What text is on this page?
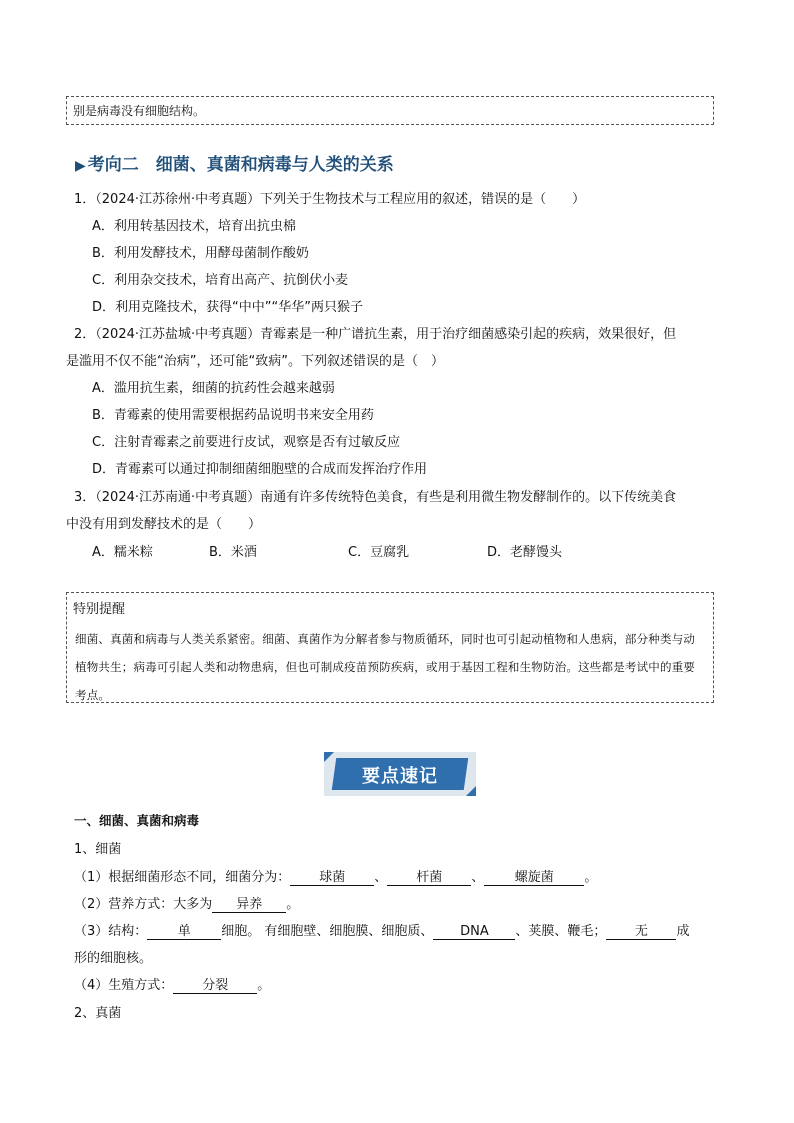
别是病毒没有细胞结构。
▶ 考向二　细菌、真菌和病毒与人类的关系
1．（2024·江苏徐州·中考真题）下列关于生物技术与工程应用的叙述，错误的是（　　）
A．利用转基因技术，培育出抗虫棉
B．利用发酵技术，用酵母菌制作酸奶
C．利用杂交技术，培育出高产、抗倒伏小麦
D．利用克隆技术，获得“中中”“华华”两只猴子
2．（2024·江苏盐城·中考真题）青霉素是一种广谱抗生素，用于治疗细菌感染引起的疾病，效果很好，但
是滥用不仅不能“治病”，还可能“致病”。下列叙述错误的是（　）
A．滥用抗生素，细菌的抗药性会越来越弱
B．青霉素的使用需要根据药品说明书来安全用药
C．注射青霉素之前要进行皮试，观察是否有过敏反应
D．青霉素可以通过抑制细菌细胞壁的合成而发挥治疗作用
3．（2024·江苏南通·中考真题）南通有许多传统特色美食，有些是利用微生物发酵制作的。以下传统美食
中没有用到发酵技术的是（　　）
A．糯米粽	B．米酒	C．豆腐乳	D．老酵馒头
特别提醒
细菌、真菌和病毒与人类关系紧密。细菌、真菌作为分解者参与物质循环，同时也可引起动植物和人患病，部分种类与动植物共生；病毒可引起人类和动物患病，但也可制成疫苗预防疾病，或用于基因工程和生物防治。这些都是考试中的重要考点。
要点速记
一、细菌、真菌和病毒
1、细菌
（1）根据细菌形态不同，细菌分为： 球菌 、 杆菌 、 螺旋菌 。
（2）营养方式：大多为 异养 。
（3）结构： 单 细胞。 有细胞壁、细胞膜、细胞质、 DNA 、荚膜、鞭毛； 无 成
形的细胞核。
（4）生殖方式： 分裂 。
2、真菌
